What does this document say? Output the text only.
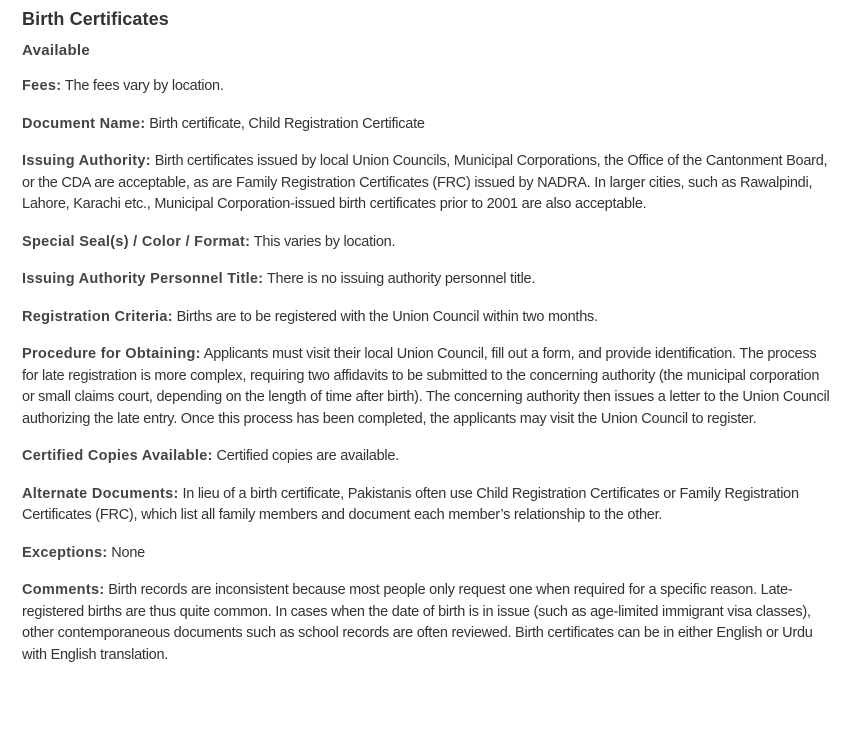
Birth Certificates
Available

Fees: The fees vary by location.

Document Name: Birth certificate, Child Registration Certificate

Issuing Authority: Birth certificates issued by local Union Councils, Municipal Corporations, the Office of the Cantonment Board, or the CDA are acceptable, as are Family Registration Certificates (FRC) issued by NADRA. In larger cities, such as Rawalpindi, Lahore, Karachi etc., Municipal Corporation-issued birth certificates prior to 2001 are also acceptable.

Special Seal(s) / Color / Format: This varies by location.

Issuing Authority Personnel Title: There is no issuing authority personnel title.

Registration Criteria: Births are to be registered with the Union Council within two months.

Procedure for Obtaining: Applicants must visit their local Union Council, fill out a form, and provide identification. The process for late registration is more complex, requiring two affidavits to be submitted to the concerning authority (the municipal corporation or small claims court, depending on the length of time after birth). The concerning authority then issues a letter to the Union Council authorizing the late entry. Once this process has been completed, the applicants may visit the Union Council to register.

Certified Copies Available: Certified copies are available.

Alternate Documents: In lieu of a birth certificate, Pakistanis often use Child Registration Certificates or Family Registration Certificates (FRC), which list all family members and document each member’s relationship to the other.

Exceptions: None

Comments: Birth records are inconsistent because most people only request one when required for a specific reason. Late-registered births are thus quite common. In cases when the date of birth is in issue (such as age-limited immigrant visa classes), other contemporaneous documents such as school records are often reviewed. Birth certificates can be in either English or Urdu with English translation.
